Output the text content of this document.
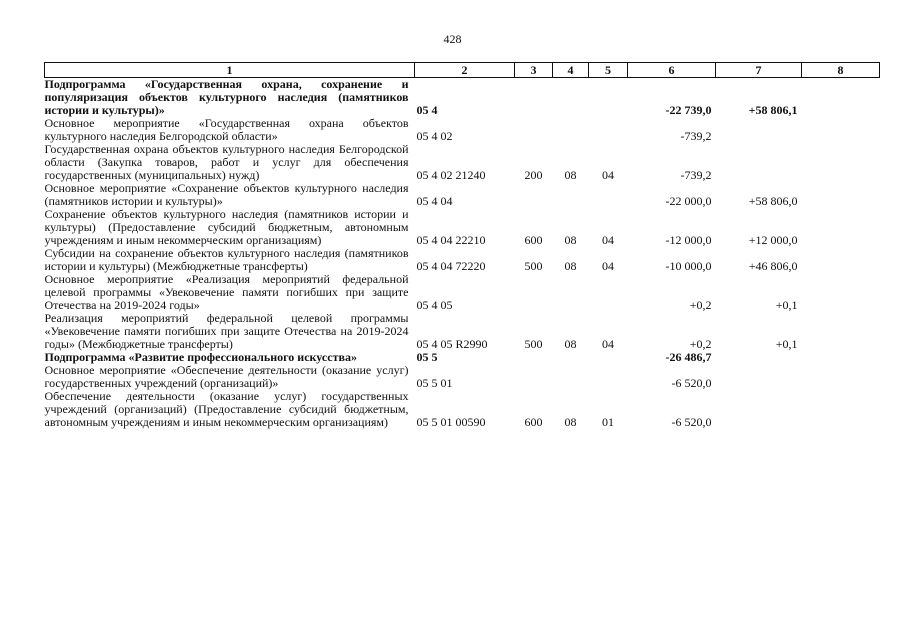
428
1	2	3	4	5	6	7	8
Подпрограмма «Государственная охрана, сохранение и популяризация объектов культурного наследия (памятников истории и культуры)»	05 4				-22 739,0	+58 806,1	
Основное мероприятие «Государственная охрана объектов культурного наследия Белгородской области»	05 4 02				-739,2		
Государственная охрана объектов культурного наследия Белгородской области (Закупка товаров, работ и услуг для обеспечения государственных (муниципальных) нужд)	05 4 02 21240	200	08	04	-739,2		
Основное мероприятие «Сохранение объектов культурного наследия (памятников истории и культуры)»	05 4 04				-22 000,0	+58 806,0	
Сохранение объектов культурного наследия (памятников истории и культуры) (Предоставление субсидий бюджетным, автономным учреждениям и иным некоммерческим организациям)	05 4 04 22210	600	08	04	-12 000,0	+12 000,0	
Субсидии на сохранение объектов культурного наследия (памятников истории и культуры) (Межбюджетные трансферты)	05 4 04 72220	500	08	04	-10 000,0	+46 806,0	
Основное мероприятие «Реализация мероприятий федеральной целевой программы «Увековечение памяти погибших при защите Отечества на 2019-2024 годы»	05 4 05				+0,2	+0,1	
Реализация мероприятий федеральной целевой программы «Увековечение памяти погибших при защите Отечества на 2019-2024 годы» (Межбюджетные трансферты)	05 4 05 R2990	500	08	04	+0,2	+0,1	
Подпрограмма «Развитие профессионального искусства»	05 5				-26 486,7		
Основное мероприятие «Обеспечение деятельности (оказание услуг) государственных учреждений (организаций)»	05 5 01				-6 520,0		
Обеспечение деятельности (оказание услуг) государственных учреждений (организаций) (Предоставление субсидий бюджетным, автономным учреждениям и иным некоммерческим организациям)	05 5 01 00590	600	08	01	-6 520,0		
